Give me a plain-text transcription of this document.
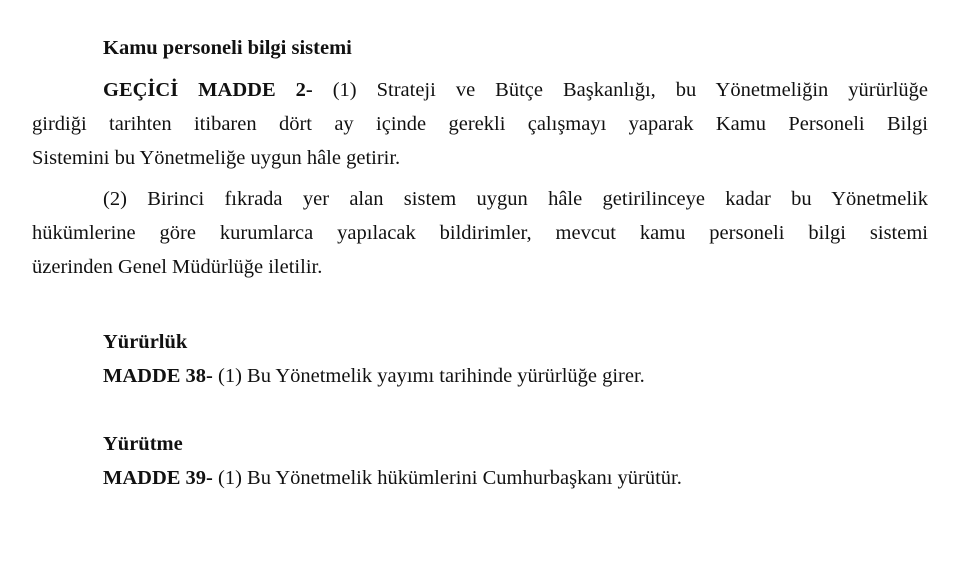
Kamu personeli bilgi sistemi
GEÇİCİ MADDE 2- (1) Strateji ve Bütçe Başkanlığı, bu Yönetmeliğin yürürlüğe
girdiği tarihten itibaren dört ay içinde gerekli çalışmayı yaparak Kamu Personeli Bilgi
Sistemini bu Yönetmeliğe uygun hâle getirir.
(2) Birinci fıkrada yer alan sistem uygun hâle getirilinceye kadar bu Yönetmelik
hükümlerine göre kurumlarca yapılacak bildirimler, mevcut kamu personeli bilgi sistemi
üzerinden Genel Müdürlüğe iletilir.
Yürürlük
MADDE 38- (1) Bu Yönetmelik yayımı tarihinde yürürlüğe girer.
Yürütme
MADDE 39- (1) Bu Yönetmelik hükümlerini Cumhurbaşkanı yürütür.
